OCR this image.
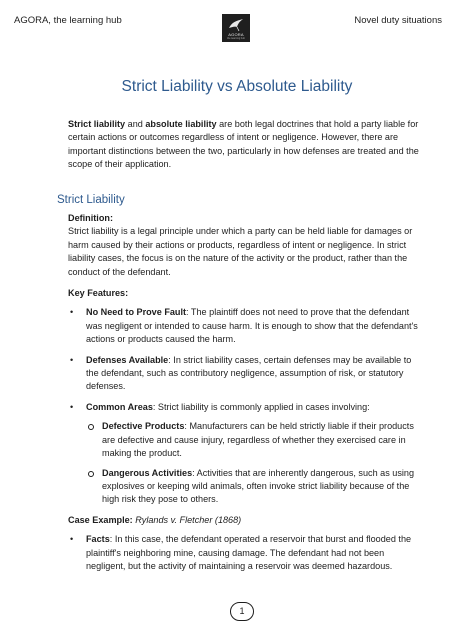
AGORA, the learning hub
AGORA
the learning hub
Novel duty situations
Strict Liability vs Absolute Liability

Strict liability and absolute liability are both legal doctrines that hold a party liable for certain actions or outcomes regardless of intent or negligence. However, there are important distinctions between the two, particularly in how defenses are treated and the scope of their application.

Strict Liability

Definition:

Strict liability is a legal principle under which a party can be held liable for damages or harm caused by their actions or products, regardless of intent or negligence. In strict liability cases, the focus is on the nature of the activity or the product, rather than the conduct of the defendant.

Key Features:

• No Need to Prove Fault: The plaintiff does not need to prove that the defendant was negligent or intended to cause harm. It is enough to show that the defendant's actions or products caused the harm.
• Defenses Available: In strict liability cases, certain defenses may be available to the defendant, such as contributory negligence, assumption of risk, or statutory defenses.
• Common Areas: Strict liability is commonly applied in cases involving:
Defective Products: Manufacturers can be held strictly liable if their products are defective and cause injury, regardless of whether they exercised care in making the product.
Dangerous Activities: Activities that are inherently dangerous, such as using explosives or keeping wild animals, often invoke strict liability because of the high risk they pose to others.

Case Example: Rylands v. Fletcher (1868)

• Facts: In this case, the defendant operated a reservoir that burst and flooded the plaintiff's neighboring mine, causing damage. The defendant had not been negligent, but the activity of maintaining a reservoir was deemed hazardous.
1
